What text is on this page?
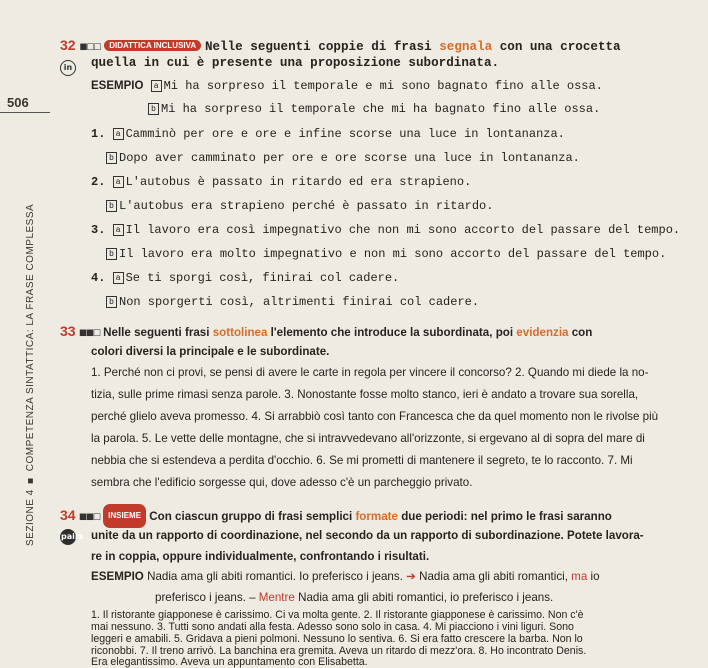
506
SEZIONE 4 ■ COMPETENZA SINTATTICA: LA FRASE COMPLESSA
32 ■□□ DIDATTICA INCLUSIVA Nelle seguenti coppie di frasi segnala con una crocetta
in	quella in cui è presente una proposizione subordinata.
ESEMPIO a Mi ha sorpreso il temporale e mi sono bagnato fino alle ossa.
b Mi ha sorpreso il temporale che mi ha bagnato fino alle ossa.
1. a Camminò per ore e ore e infine scorse una luce in lontananza.
b Dopo aver camminato per ore e ore scorse una luce in lontananza.
2. a L'autobus è passato in ritardo ed era strapieno.
b L'autobus era strapieno perché è passato in ritardo.
3. a Il lavoro era così impegnativo che non mi sono accorto del passare del tempo.
b Il lavoro era molto impegnativo e non mi sono accorto del passare del tempo.
4. a Se ti sporgi così, finirai col cadere.
b Non sporgerti così, altrimenti finirai col cadere.
33 ■■□ Nelle seguenti frasi sottolinea l'elemento che introduce la subordinata, poi evidenzia con
colori diversi la principale e le subordinate.
1. Perché non ci provi, se pensi di avere le carte in regola per vincere il concorso? 2. Quando mi diede la no-
tizia, sulle prime rimasi senza parole. 3. Nonostante fosse molto stanco, ieri è andato a trovare sua sorella,
perché glielo aveva promesso. 4. Si arrabbiò così tanto con Francesca che da quel momento non le rivolse più
la parola. 5. Le vette delle montagne, che si intravvedevano all'orizzonte, si ergevano al di sopra del mare di
nebbia che si estendeva a perdita d'occhio. 6. Se mi prometti di mantenere il segreto, te lo racconto. 7. Mi
sembra che l'edificio sorgesse qui, dove adesso c'è un parcheggio privato.
34 ■■□ INSIEME Con ciascun gruppo di frasi semplici formate due periodi: nel primo le frasi saranno
pairs unite da un rapporto di coordinazione, nel secondo da un rapporto di subordinazione. Potete lavora-
re in coppia, oppure individualmente, confrontando i risultati.
ESEMPIO Nadia ama gli abiti romantici. Io preferisco i jeans. ➔ Nadia ama gli abiti romantici, ma io
preferisco i jeans. – Mentre Nadia ama gli abiti romantici, io preferisco i jeans.
1. Il ristorante giapponese è carissimo. Ci va molta gente. 2. Il ristorante giapponese è carissimo. Non c'è
mai nessuno. 3. Tutti sono andati alla festa. Adesso sono solo in casa. 4. Mi piacciono i vini liguri. Sono
leggeri e amabili. 5. Gridava a pieni polmoni. Nessuno lo sentiva. 6. Si era fatto crescere la barba. Non lo
riconobbi. 7. Il treno arrivò. La banchina era gremita. Aveva un ritardo di mezz'ora. 8. Ho incontrato Denis.
Era elegantissimo. Aveva un appuntamento con Elisabetta.
